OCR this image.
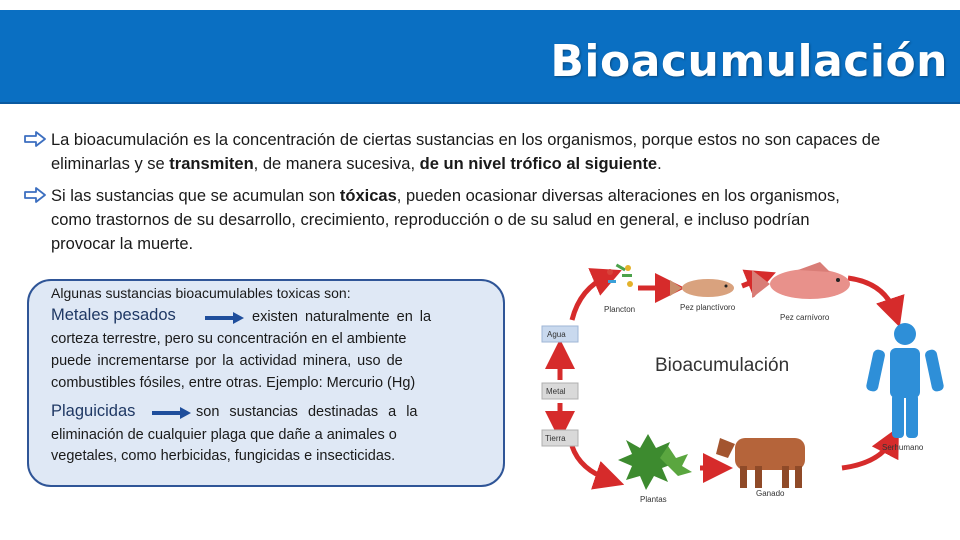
Bioacumulación
La bioacumulación es la concentración de ciertas sustancias en los organismos, porque estos no son capaces de
eliminarlas y se transmiten, de manera sucesiva, de un nivel trófico al siguiente.
Si las sustancias que se acumulan son tóxicas, pueden ocasionar diversas alteraciones en los organismos,
como trastornos de su desarrollo, crecimiento, reproducción o de su salud en general, e incluso podrían
provocar la muerte.
Algunas sustancias bioacumulables toxicas son:
Metales pesados	existen naturalmente en la
corteza terrestre, pero su concentración en el ambiente
puede incrementarse por la actividad minera, uso de
combustibles fósiles, entre otras. Ejemplo: Mercurio (Hg)
Plaguicidas	son sustancias destinadas a la
eliminación de cualquier plaga que dañe a animales o
vegetales, como herbicidas, fungicidas e insecticidas.
Agua
Metal
Tierra
Bioacumulación
Plancton	Pez planctívoro
Pez carnívoro
Serhumano
Ganado
Plantas
